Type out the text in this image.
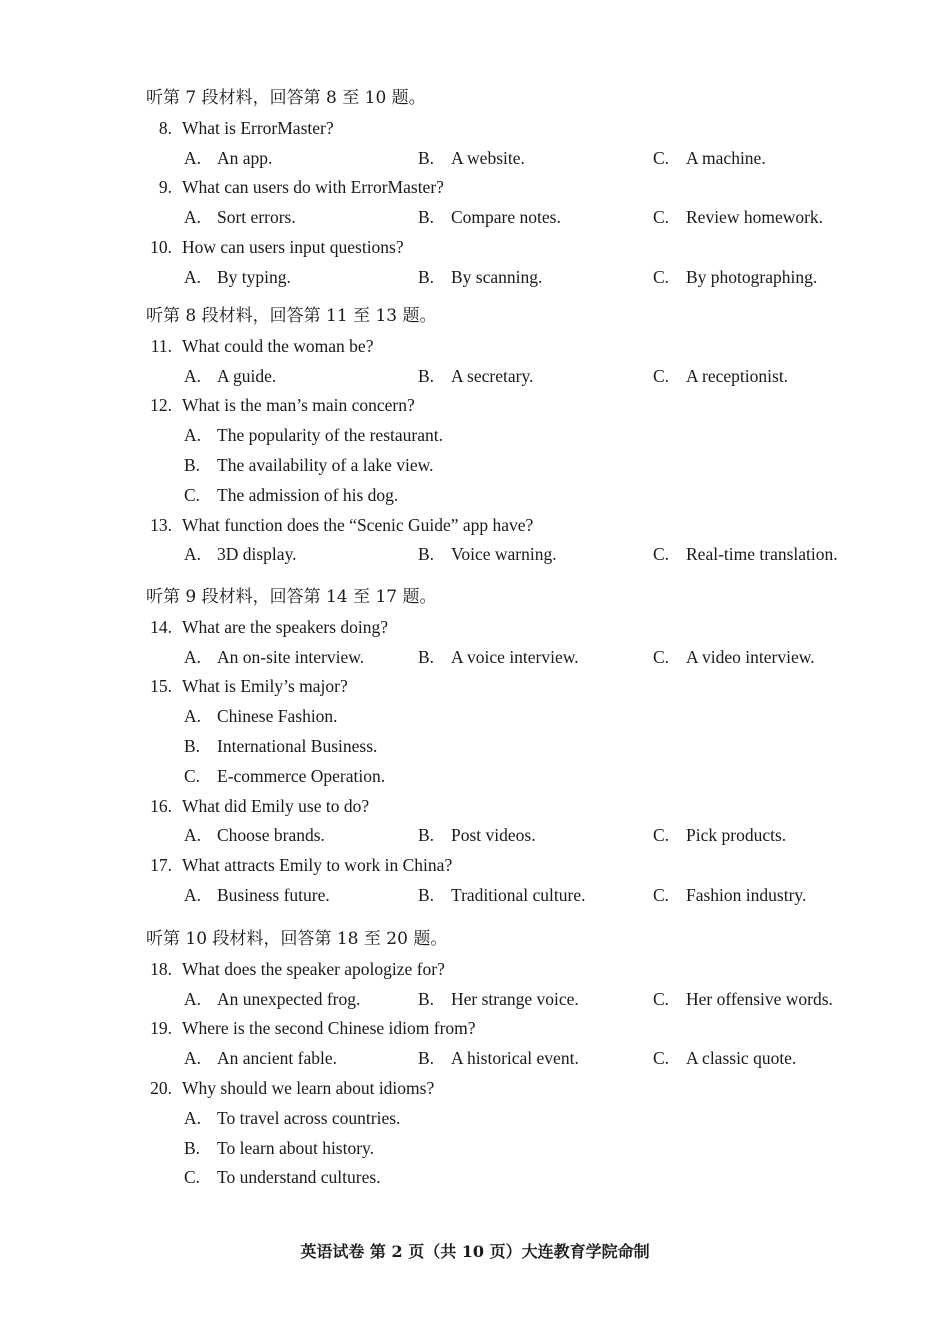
听第 7 段材料，回答第 8 至 10 题。
8. What is ErrorMaster?
A. An app.	B. A website.	C. A machine.
9. What can users do with ErrorMaster?
A. Sort errors.	B. Compare notes.	C. Review homework.
10. How can users input questions?
A. By typing.	B. By scanning.	C. By photographing.
听第 8 段材料，回答第 11 至 13 题。
11. What could the woman be?
A. A guide.	B. A secretary.	C. A receptionist.
12. What is the man’s main concern?
A. The popularity of the restaurant.
B. The availability of a lake view.
C. The admission of his dog.
13. What function does the “Scenic Guide” app have?
A. 3D display.	B. Voice warning.	C. Real-time translation.
听第 9 段材料，回答第 14 至 17 题。
14. What are the speakers doing?
A. An on-site interview.	B. A voice interview.	C. A video interview.
15. What is Emily’s major?
A. Chinese Fashion.
B. International Business.
C. E-commerce Operation.
16. What did Emily use to do?
A. Choose brands.	B. Post videos.	C. Pick products.
17. What attracts Emily to work in China?
A. Business future.	B. Traditional culture.	C. Fashion industry.
听第 10 段材料，回答第 18 至 20 题。
18. What does the speaker apologize for?
A. An unexpected frog.	B. Her strange voice.	C. Her offensive words.
19. Where is the second Chinese idiom from?
A. An ancient fable.	B. A historical event.	C. A classic quote.
20. Why should we learn about idioms?
A. To travel across countries.
B. To learn about history.
C. To understand cultures.
英语试卷 第 2 页（共 10 页）大连教育学院命制
